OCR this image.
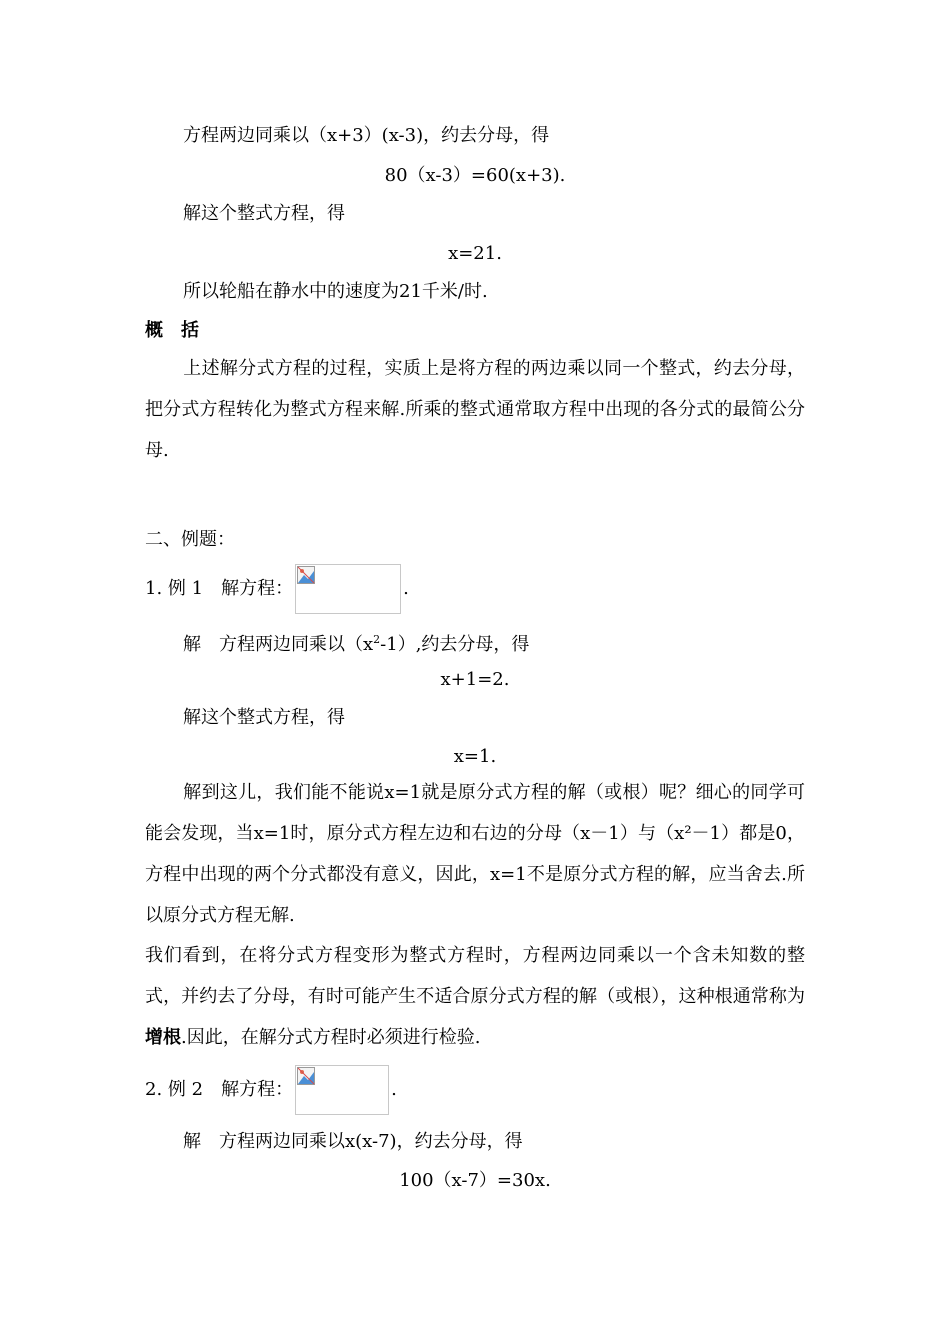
方程两边同乘以（x+3）(x-3)，约去分母，得
80（x-3）=60(x+3).
解这个整式方程，得
x=21.
所以轮船在静水中的速度为21千米/时.
概　括
上述解分式方程的过程，实质上是将方程的两边乘以同一个整式，约去分母，把分式方程转化为整式方程来解.所乘的整式通常取方程中出现的各分式的最简公分母.
二、例题：
1. 例 1　解方程：	.
解　方程两边同乘以$(x^2-1)$,约去分母，得
x+1=2.
解这个整式方程，得
x=1.
解到这儿，我们能不能说x=1就是原分式方程的解（或根）呢？细心的同学可能会发现，当x=1时，原分式方程左边和右边的分母（x－1）与（x²－1）都是0，方程中出现的两个分式都没有意义，因此，x=1不是原分式方程的解，应当舍去.所以原分式方程无解.
我们看到，在将分式方程变形为整式方程时，方程两边同乘以一个含未知数的整式，并约去了分母，有时可能产生不适合原分式方程的解（或根），这种根通常称为增根.因此，在解分式方程时必须进行检验.
2. 例 2　解方程：	.
解　方程两边同乘以x(x-7)，约去分母，得
100（x-7）=30x.
